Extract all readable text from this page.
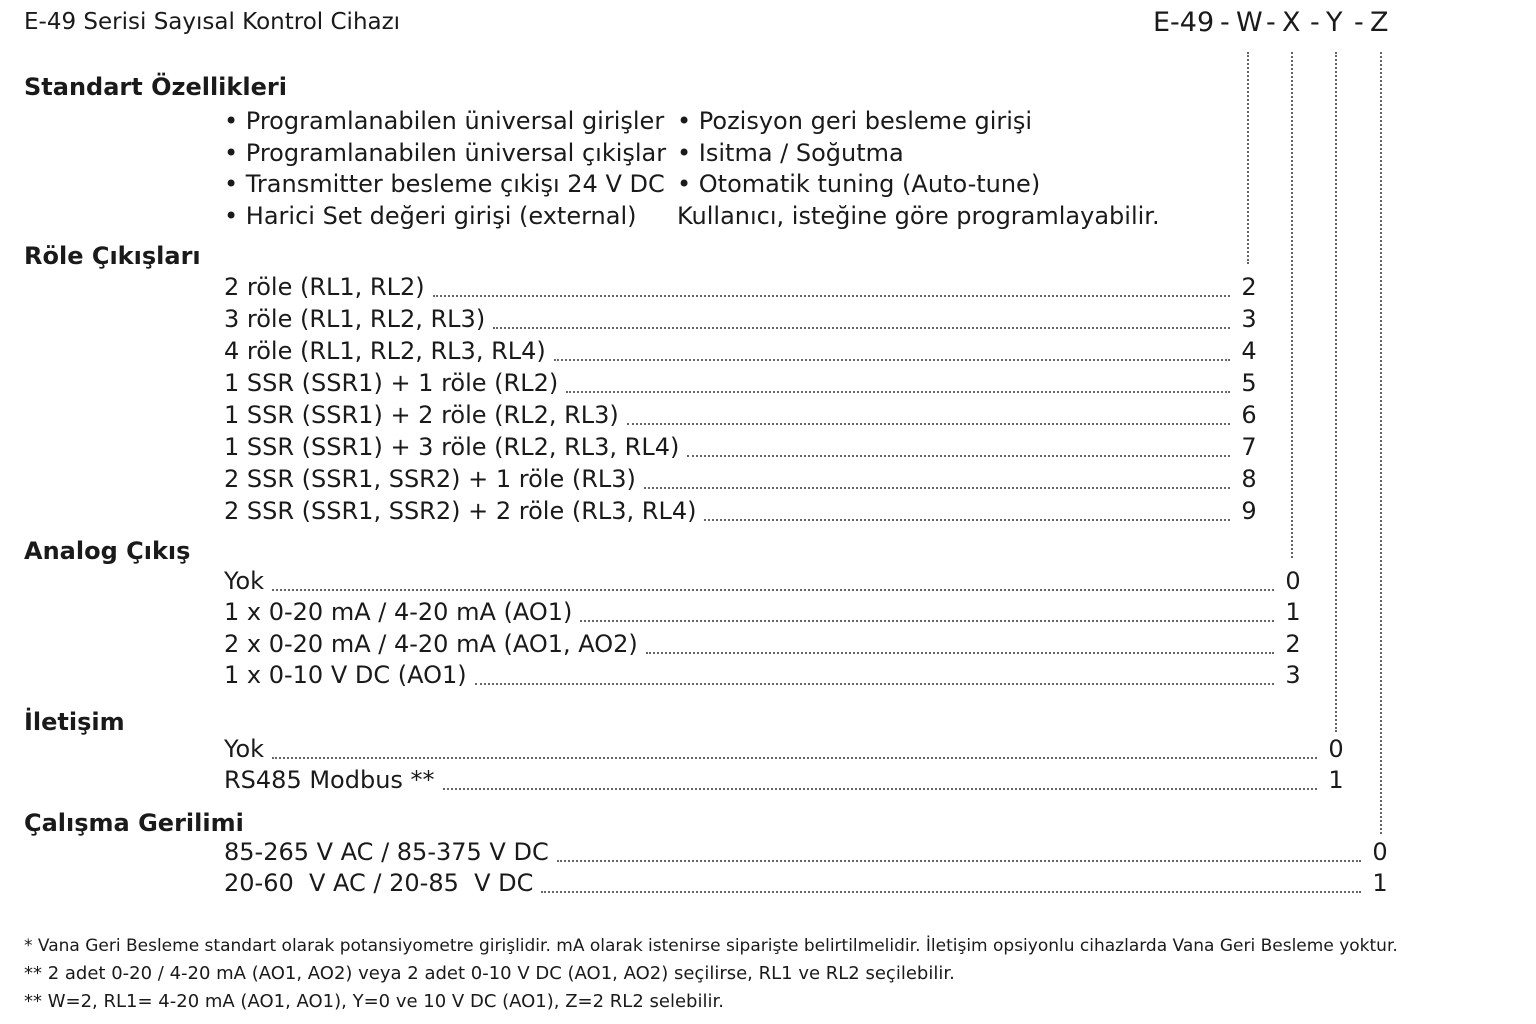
E-49 Serisi Sayısal Kontrol Cihazı	E-49 - W - X - Y - Z
Standart Özellikleri
• Programlanabilen üniversal girişler
• Programlanabilen üniversal çıkişlar
• Transmitter besleme çıkişı 24 V DC
• Harici Set değeri girişi (external)
• Pozisyon geri besleme girişi
• Isitma / Soğutma
• Otomatik tuning (Auto-tune)
Kullanıcı, isteğine göre programlayabilir.
Röle Çıkışları
2 röle (RL1, RL2)	2
3 röle (RL1, RL2, RL3)	3
4 röle (RL1, RL2, RL3, RL4)	4
1 SSR (SSR1) + 1 röle (RL2)	5
1 SSR (SSR1) + 2 röle (RL2, RL3)	6
1 SSR (SSR1) + 3 röle (RL2, RL3, RL4)	7
2 SSR (SSR1, SSR2) + 1 röle (RL3)	8
2 SSR (SSR1, SSR2) + 2 röle (RL3, RL4)	9
Analog Çıkış
Yok	0
1 x 0-20 mA / 4-20 mA (AO1)	1
2 x 0-20 mA / 4-20 mA (AO1, AO2)	2
1 x 0-10 V DC (AO1)	3
İletişim
Yok	0
RS485 Modbus **	1
Çalışma Gerilimi
85-265 V AC / 85-375 V DC	0
20-60  V AC / 20-85  V DC	1
* Vana Geri Besleme standart olarak potansiyometre girişlidir. mA olarak istenirse siparişte belirtilmelidir. İletişim opsiyonlu cihazlarda Vana Geri Besleme yoktur.
** 2 adet 0-20 / 4-20 mA (AO1, AO2) veya 2 adet 0-10 V DC (AO1, AO2) seçilirse, RL1 ve RL2 seçilebilir.
** W=2, RL1= 4-20 mA (AO1, AO1), Y=0 ve 10 V DC (AO1), Z=2 RL2 selebilir.
